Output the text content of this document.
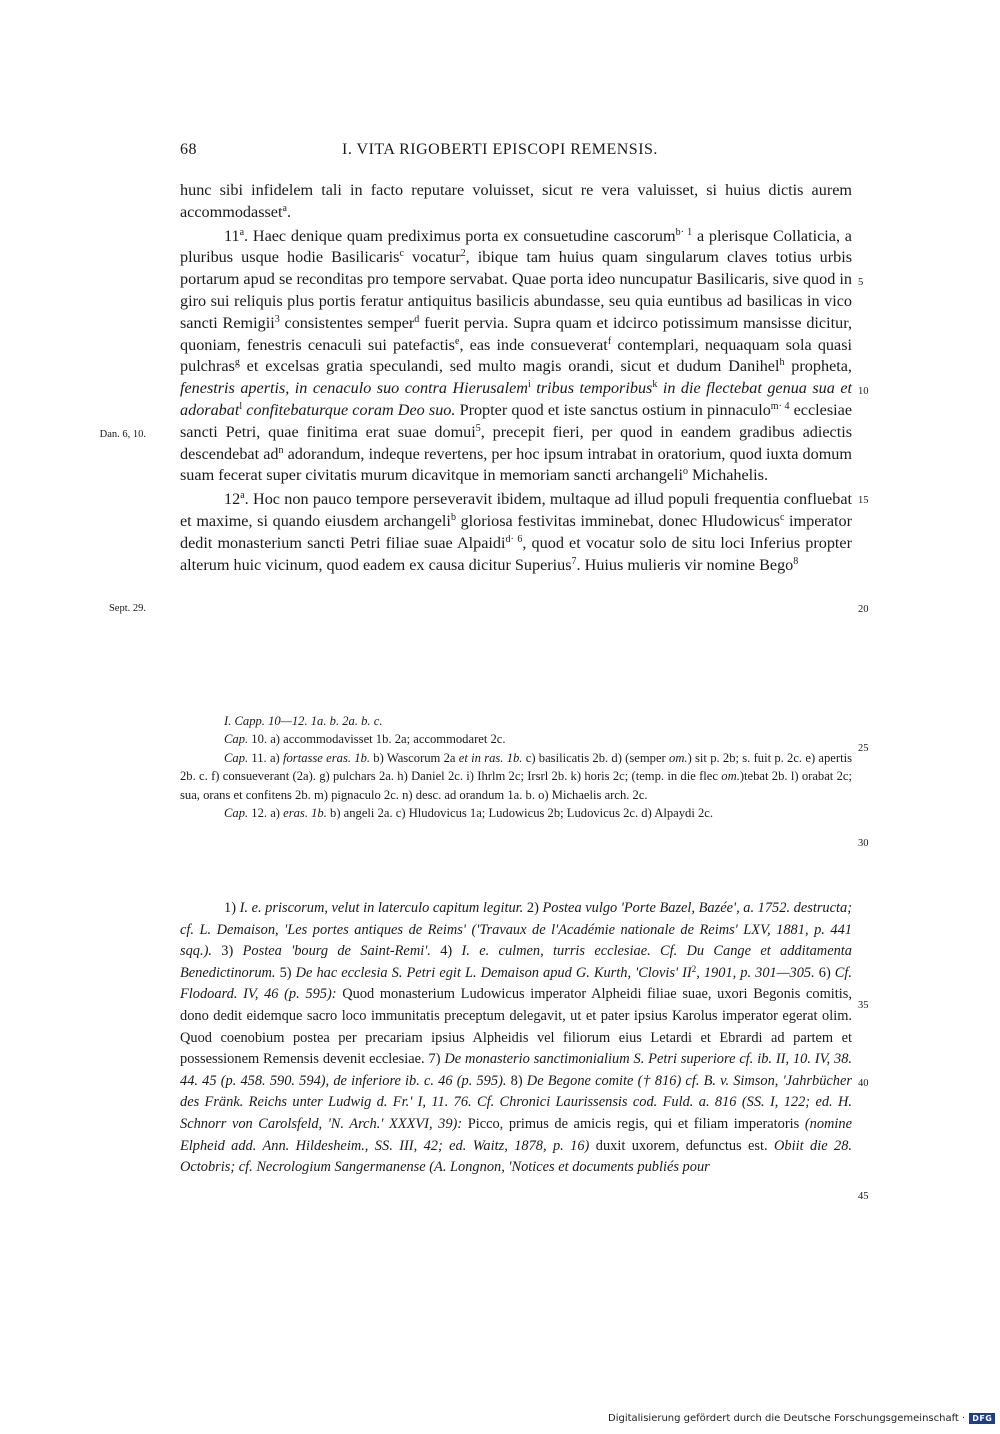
68	I. VITA RIGOBERTI EPISCOPI REMENSIS.

hunc sibi infidelem tali in facto reputare voluisset, sicut re vera valuisset, si huius dictis aurem accommodasset$^a$.

11$^a$. Haec denique quam prediximus porta ex consuetudine cascorum$^{b\cdot 1}$ a plerisque Collaticia, a pluribus usque hodie Basilicaris$^c$ vocatur$^2$, ibique tam huius quam singularum claves totius urbis portarum apud se reconditas pro tempore servabat. Quae porta ideo nuncupatur Basilicaris, sive quod in giro sui reliquis plus portis feratur antiquitus basilicis abundasse, seu quia euntibus ad basilicas in vico sancti Remigii$^3$ consistentes semper$^d$ fuerit pervia. Supra quam et idcirco potissimum mansisse dicitur, quoniam, fenestris cenaculi sui patefactis$^e$, eas inde consueverat$^f$ contemplari, nequaquam sola quasi pulchras$^g$ et excelsas gratia speculandi, sed multo magis orandi, sicut et dudum Danihel$^h$ propheta, fenestris apertis, in cenaculo suo contra Hierusalem$^i$ tribus temporibus$^k$ in die flectebat genua sua et adorabat$^l$ confitebaturque coram Deo suo. Propter quod et iste sanctus ostium in pinnaculo$^{m\cdot 4}$ ecclesiae sancti Petri, quae finitima erat suae domui$^5$, precepit fieri, per quod in eandem gradibus adiectis descendebat $ad^n$ adorandum, indeque revertens, per hoc ipsum intrabat in oratorium, quod iuxta domum suam fecerat super civitatis murum dicavitque in memoriam sancti archangeli$^o$ Michahelis.

12$^a$. Hoc non pauco tempore perseveravit ibidem, multaque ad illud populi frequentia confluebat et maxime, si quando eiusdem archangeli$^b$ gloriosa festivitas imminebat, donec Hludowicus$^c$ imperator dedit monasterium sancti Petri filiae suae Alpaidi$^{d\cdot 6}$, quod et vocatur solo de situ loci Inferius propter alterum huic vicinum, quod eadem ex causa dicitur Superius$^7$. Huius mulieris vir nomine Bego$^8$

Dan. 6, 10.
Sept. 29.
5
10
15
20
25
30
35
40
45

I. Capp. 10—12. 1a. b. 2a. b. c.

Cap. 10. a) accommodavisset 1b. 2a; accommodaret 2c.

Cap. 11. a) fortasse eras. 1b. b) Wascorum 2a et in ras. 1b. c) basilicatis 2b. d) (semper om.) sit p. 2b; s. fuit p. 2c. e) apertis 2b. c. f) consueverant (2a). g) pulchars 2a. h) Daniel 2c. i) Ihrlm 2c; Irsrl 2b. k) horis 2c; (temp. in die flec om.)tebat 2b. l) orabat 2c; sua, orans et confitens 2b. m) pignaculo 2c. n) desc. ad orandum 1a. b. o) Michaelis arch. 2c.

Cap. 12. a) eras. 1b. b) angeli 2a. c) Hludovicus 1a; Ludowicus 2b; Ludovicus 2c. d) Alpaydi 2c.

1) I. e. priscorum, velut in laterculo capitum legitur. 2) Postea vulgo 'Porte Bazel, Bazée', a. 1752. destructa; cf. L. Demaison, 'Les portes antiques de Reims' ('Travaux de l'Académie nationale de Reims' LXV, 1881, p. 441 sqq.). 3) Postea 'bourg de Saint-Remi'. 4) I. e. culmen, turris ecclesiae. Cf. Du Cange et additamenta Benedictinorum. 5) De hac ecclesia S. Petri egit L. Demaison apud G. Kurth, 'Clovis' $II^2$, 1901, p. 301—305. 6) Cf. Flodoard. IV, 46 (p. 595): Quod monasterium Ludowicus imperator Alpheidi filiae suae, uxori Begonis comitis, dono dedit eidemque sacro loco immunitatis preceptum delegavit, ut et pater ipsius Karolus imperator egerat olim. Quod coenobium postea per precariam ipsius Alpheidis vel filiorum eius Letardi et Ebrardi ad partem et possessionem Remensis devenit ecclesiae. 7) De monasterio sanctimonialium S. Petri superiore cf. ib. II, 10. IV, 38. 44. 45 (p. 458. 590. 594), de inferiore ib. c. 46 (p. 595). 8) De Begone comite († 816) cf. B. v. Simson, 'Jahrbücher des Fränk. Reichs unter Ludwig d. Fr.' I, 11. 76. Cf. Chronici Laurissensis cod. Fuld. a. 816 (SS. I, 122; ed. H. Schnorr von Carolsfeld, 'N. Arch.' XXXVI, 39): Picco, primus de amicis regis, qui et filiam imperatoris (nomine Elpheid add. Ann. Hildesheim., SS. III, 42; ed. Waitz, 1878, p. 16) duxit uxorem, defunctus est. Obiit die 28. Octobris; cf. Necrologium Sangermanense (A. Longnon, 'Notices et documents publiés pour

Digitalisierung gefördert durch die Deutsche Forschungsgemeinschaft · DFG
